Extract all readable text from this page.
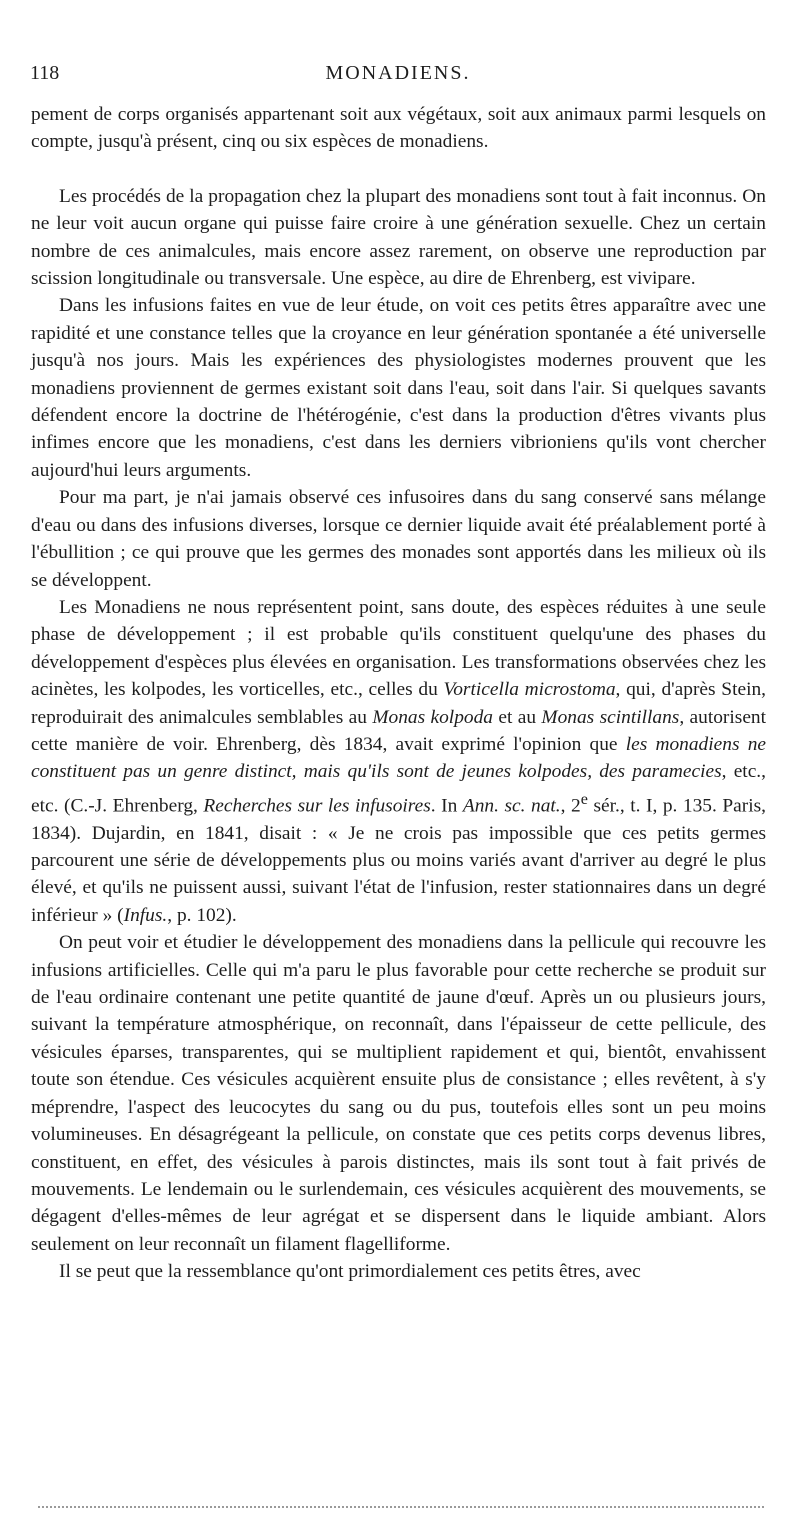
118	MONADIENS.

pement de corps organisés appartenant soit aux végétaux, soit aux animaux parmi lesquels on compte, jusqu'à présent, cinq ou six espèces de monadiens.

Les procédés de la propagation chez la plupart des monadiens sont tout à fait inconnus. On ne leur voit aucun organe qui puisse faire croire à une génération sexuelle. Chez un certain nombre de ces animalcules, mais encore assez rarement, on observe une reproduction par scission longitudinale ou transversale. Une espèce, au dire de Ehrenberg, est vivipare.

Dans les infusions faites en vue de leur étude, on voit ces petits êtres apparaître avec une rapidité et une constance telles que la croyance en leur génération spontanée a été universelle jusqu'à nos jours. Mais les expériences des physiologistes modernes prouvent que les monadiens proviennent de germes existant soit dans l'eau, soit dans l'air. Si quelques savants défendent encore la doctrine de l'hétérogénie, c'est dans la production d'êtres vivants plus infimes encore que les monadiens, c'est dans les derniers vibrioniens qu'ils vont chercher aujourd'hui leurs arguments.

Pour ma part, je n'ai jamais observé ces infusoires dans du sang conservé sans mélange d'eau ou dans des infusions diverses, lorsque ce dernier liquide avait été préalablement porté à l'ébullition ; ce qui prouve que les germes des monades sont apportés dans les milieux où ils se développent.

Les Monadiens ne nous représentent point, sans doute, des espèces réduites à une seule phase de développement ; il est probable qu'ils constituent quelqu'une des phases du développement d'espèces plus élevées en organisation. Les transformations observées chez les acinètes, les kolpodes, les vorticelles, etc., celles du Vorticella microstoma, qui, d'après Stein, reproduirait des animalcules semblables au Monas kolpoda et au Monas scintillans, autorisent cette manière de voir. Ehrenberg, dès 1834, avait exprimé l'opinion que les monadiens ne constituent pas un genre distinct, mais qu'ils sont de jeunes kolpodes, des paramecies, etc., etc. (C.-J. Ehrenberg, Recherches sur les infusoires. In Ann. sc. nat., 2e sér., t. I, p. 135. Paris, 1834). Dujardin, en 1841, disait : « Je ne crois pas impossible que ces petits germes parcourent une série de développements plus ou moins variés avant d'arriver au degré le plus élevé, et qu'ils ne puissent aussi, suivant l'état de l'infusion, rester stationnaires dans un degré inférieur » (Infus., p. 102).

On peut voir et étudier le développement des monadiens dans la pellicule qui recouvre les infusions artificielles. Celle qui m'a paru le plus favorable pour cette recherche se produit sur de l'eau ordinaire contenant une petite quantité de jaune d'œuf. Après un ou plusieurs jours, suivant la température atmosphérique, on reconnaît, dans l'épaisseur de cette pellicule, des vésicules éparses, transparentes, qui se multiplient rapidement et qui, bientôt, envahissent toute son étendue. Ces vésicules acquièrent ensuite plus de consistance ; elles revêtent, à s'y méprendre, l'aspect des leucocytes du sang ou du pus, toutefois elles sont un peu moins volumineuses. En désagrégeant la pellicule, on constate que ces petits corps devenus libres, constituent, en effet, des vésicules à parois distinctes, mais ils sont tout à fait privés de mouvements. Le lendemain ou le surlendemain, ces vésicules acquièrent des mouvements, se dégagent d'elles-mêmes de leur agrégat et se dispersent dans le liquide ambiant. Alors seulement on leur reconnaît un filament flagelliforme.

Il se peut que la ressemblance qu'ont primordialement ces petits êtres, avec
